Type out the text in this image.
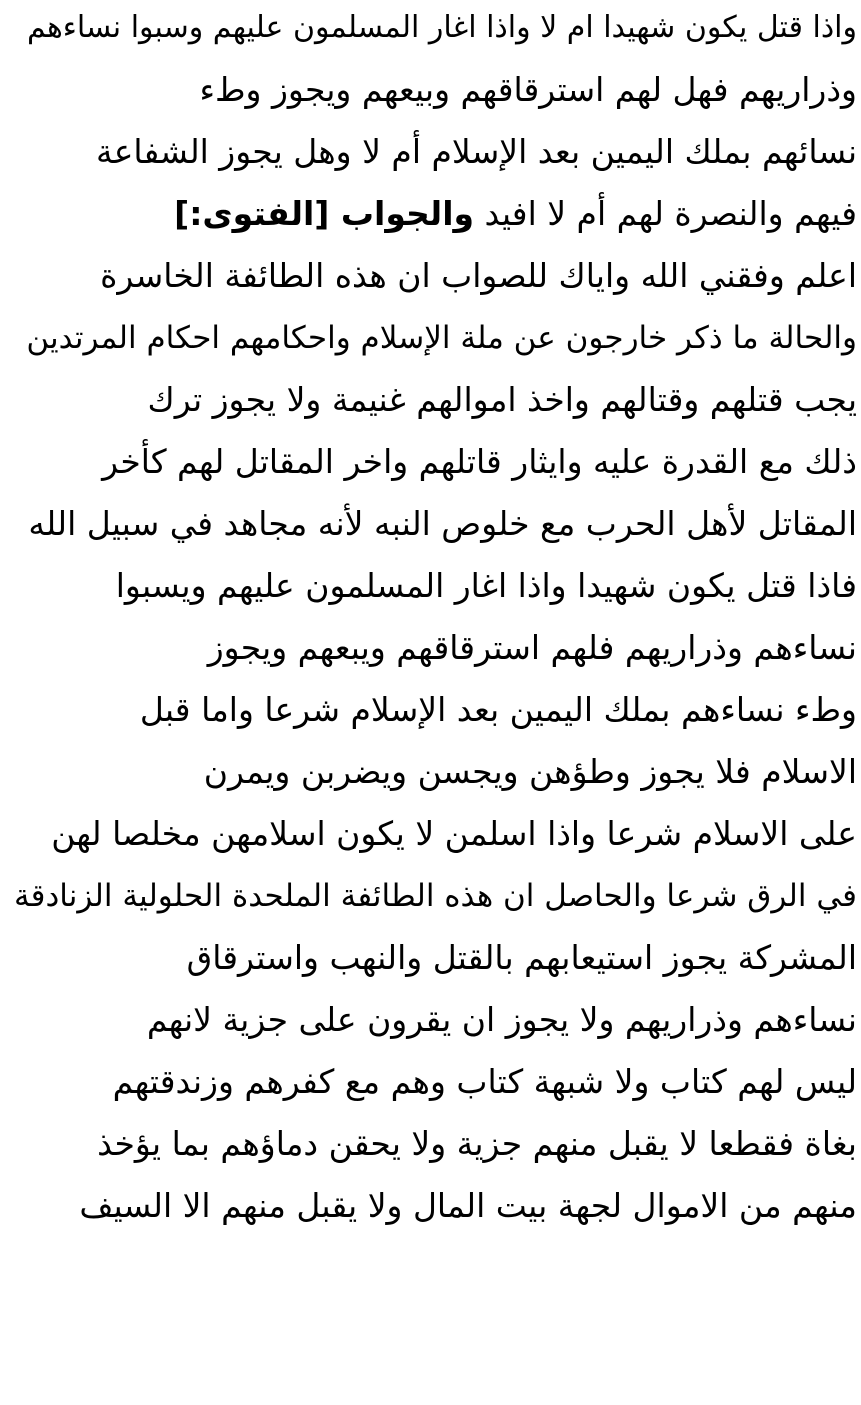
واذا قتل يكون شهيدا ام لا واذا اغار المسلمون عليهم وسبوا نساءهم
وذراريهم فهل لهم استرقاقهم وبيعهم ويجوز وطء
نسائهم بملك اليمين بعد الإسلام أم لا وهل يجوز الشفاعة
فيهم والنصرة لهم أم لا افيد والجواب [الفتوى:]
اعلم وفقني الله واياك للصواب ان هذه الطائفة الخاسرة
والحالة ما ذكر خارجون عن ملة الإسلام واحكامهم احكام المرتدين
يجب قتلهم وقتالهم واخذ اموالهم غنيمة ولا يجوز ترك
ذلك مع القدرة عليه وايثار قاتلهم واخر المقاتل لهم كأخر
المقاتل لأهل الحرب مع خلوص النبه لأنه مجاهد في سبيل الله
فاذا قتل يكون شهيدا واذا اغار المسلمون عليهم ويسبوا
نساءهم وذراريهم فلهم استرقاقهم ويبعهم ويجوز
وطء نساءهم بملك اليمين بعد الإسلام شرعا واما قبل
الاسلام فلا يجوز وطؤهن ويجسن ويضربن ويمرن
على الاسلام شرعا واذا اسلمن لا يكون اسلامهن مخلصا لهن
في الرق شرعا والحاصل ان هذه الطائفة الملحدة الحلولية الزنادقة
المشركة يجوز استيعابهم بالقتل والنهب واسترقاق
نساءهم وذراريهم ولا يجوز ان يقرون على جزية لانهم
ليس لهم كتاب ولا شبهة كتاب وهم مع كفرهم وزندقتهم
بغاة فقطعا لا يقبل منهم جزية ولا يحقن دماؤهم بما يؤخذ
منهم من الاموال لجهة بيت المال ولا يقبل منهم الا السيف
